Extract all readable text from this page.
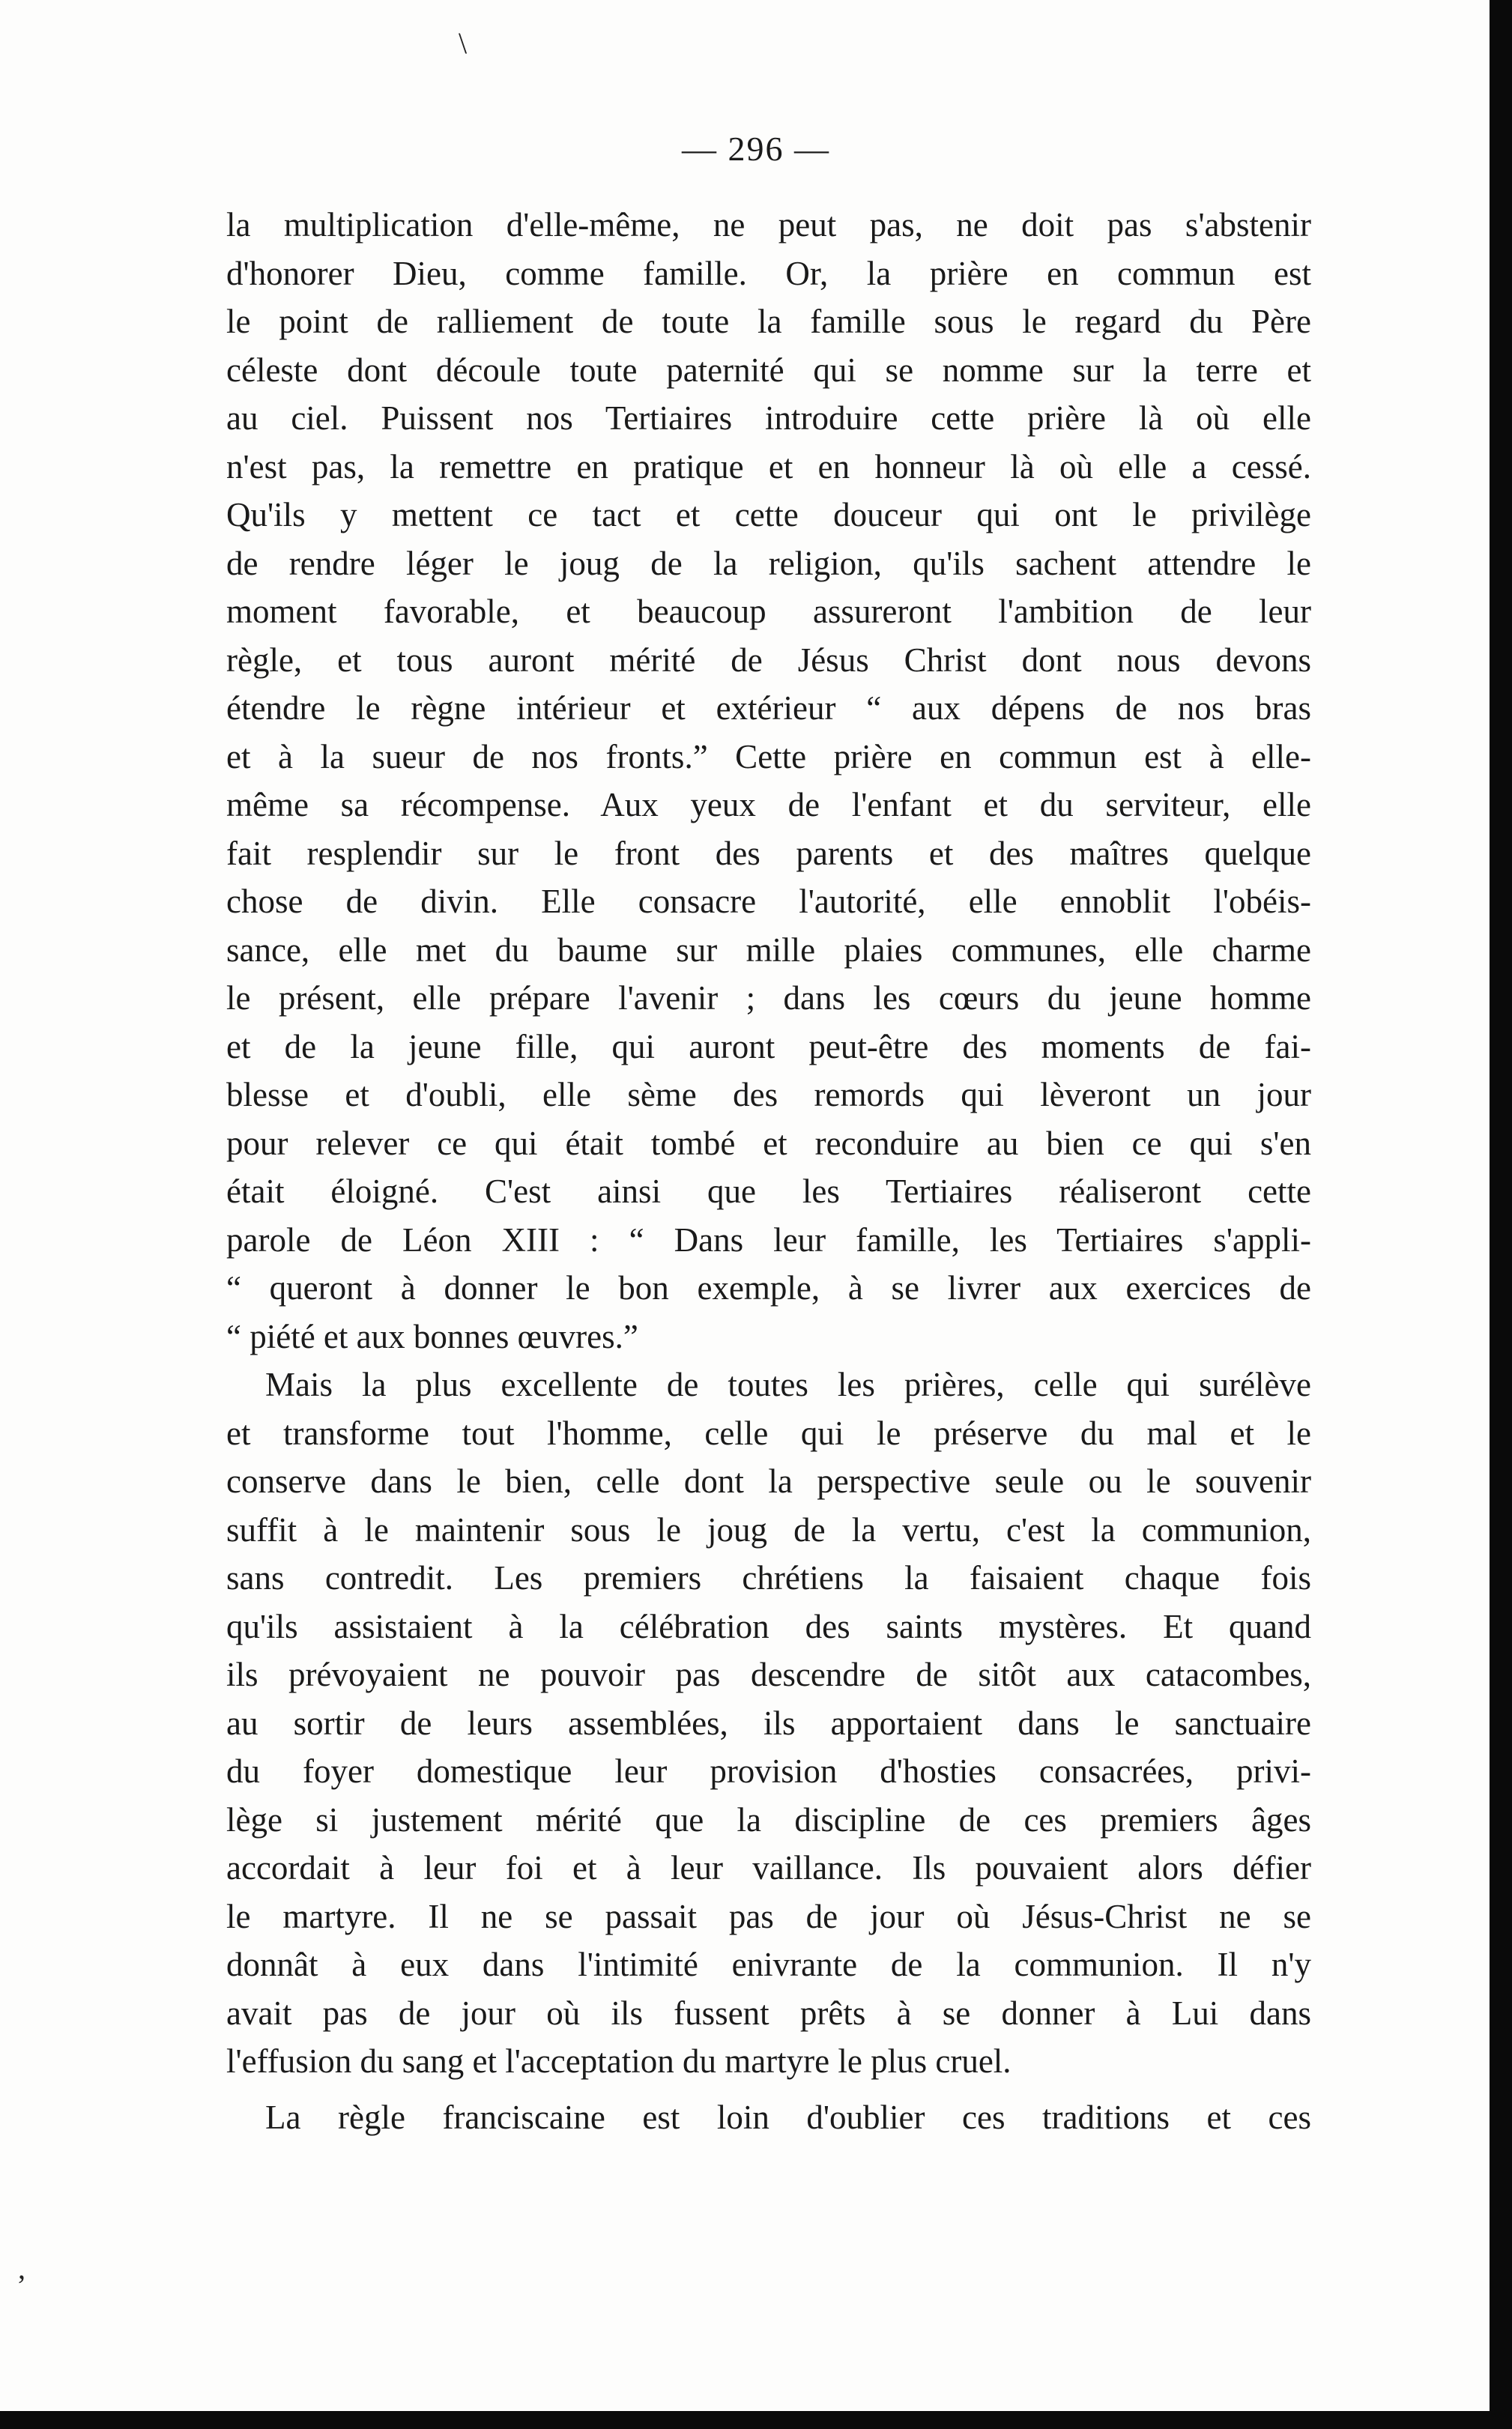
\
,
— 296 —
la multiplication d'elle-même, ne peut pas, ne doit pas s'abstenir
d'honorer Dieu, comme famille. Or, la prière en commun est
le point de ralliement de toute la famille sous le regard du Père
céleste dont découle toute paternité qui se nomme sur la terre et
au ciel. Puissent nos Tertiaires introduire cette prière là où elle
n'est pas, la remettre en pratique et en honneur là où elle a cessé.
Qu'ils y mettent ce tact et cette douceur qui ont le privilège
de rendre léger le joug de la religion, qu'ils sachent attendre le
moment favorable, et beaucoup assureront l'ambition de leur
règle, et tous auront mérité de Jésus Christ dont nous devons
étendre le règne intérieur et extérieur “ aux dépens de nos bras
et à la sueur de nos fronts.” Cette prière en commun est à elle-
même sa récompense. Aux yeux de l'enfant et du serviteur, elle
fait resplendir sur le front des parents et des maîtres quelque
chose de divin. Elle consacre l'autorité, elle ennoblit l'obéis-
sance, elle met du baume sur mille plaies communes, elle charme
le présent, elle prépare l'avenir ; dans les cœurs du jeune homme
et de la jeune fille, qui auront peut-être des moments de fai-
blesse et d'oubli, elle sème des remords qui lèveront un jour
pour relever ce qui était tombé et reconduire au bien ce qui s'en
était éloigné. C'est ainsi que les Tertiaires réaliseront cette
parole de Léon XIII : “ Dans leur famille, les Tertiaires s'appli-
“ queront à donner le bon exemple, à se livrer aux exercices de
“ piété et aux bonnes œuvres.”
Mais la plus excellente de toutes les prières, celle qui surélève
et transforme tout l'homme, celle qui le préserve du mal et le
conserve dans le bien, celle dont la perspective seule ou le souvenir
suffit à le maintenir sous le joug de la vertu, c'est la communion,
sans contredit. Les premiers chrétiens la faisaient chaque fois
qu'ils assistaient à la célébration des saints mystères. Et quand
ils prévoyaient ne pouvoir pas descendre de sitôt aux catacombes,
au sortir de leurs assemblées, ils apportaient dans le sanctuaire
du foyer domestique leur provision d'hosties consacrées, privi-
lège si justement mérité que la discipline de ces premiers âges
accordait à leur foi et à leur vaillance. Ils pouvaient alors défier
le martyre. Il ne se passait pas de jour où Jésus-Christ ne se
donnât à eux dans l'intimité enivrante de la communion. Il n'y
avait pas de jour où ils fussent prêts à se donner à Lui dans
l'effusion du sang et l'acceptation du martyre le plus cruel.
La règle franciscaine est loin d'oublier ces traditions et ces
